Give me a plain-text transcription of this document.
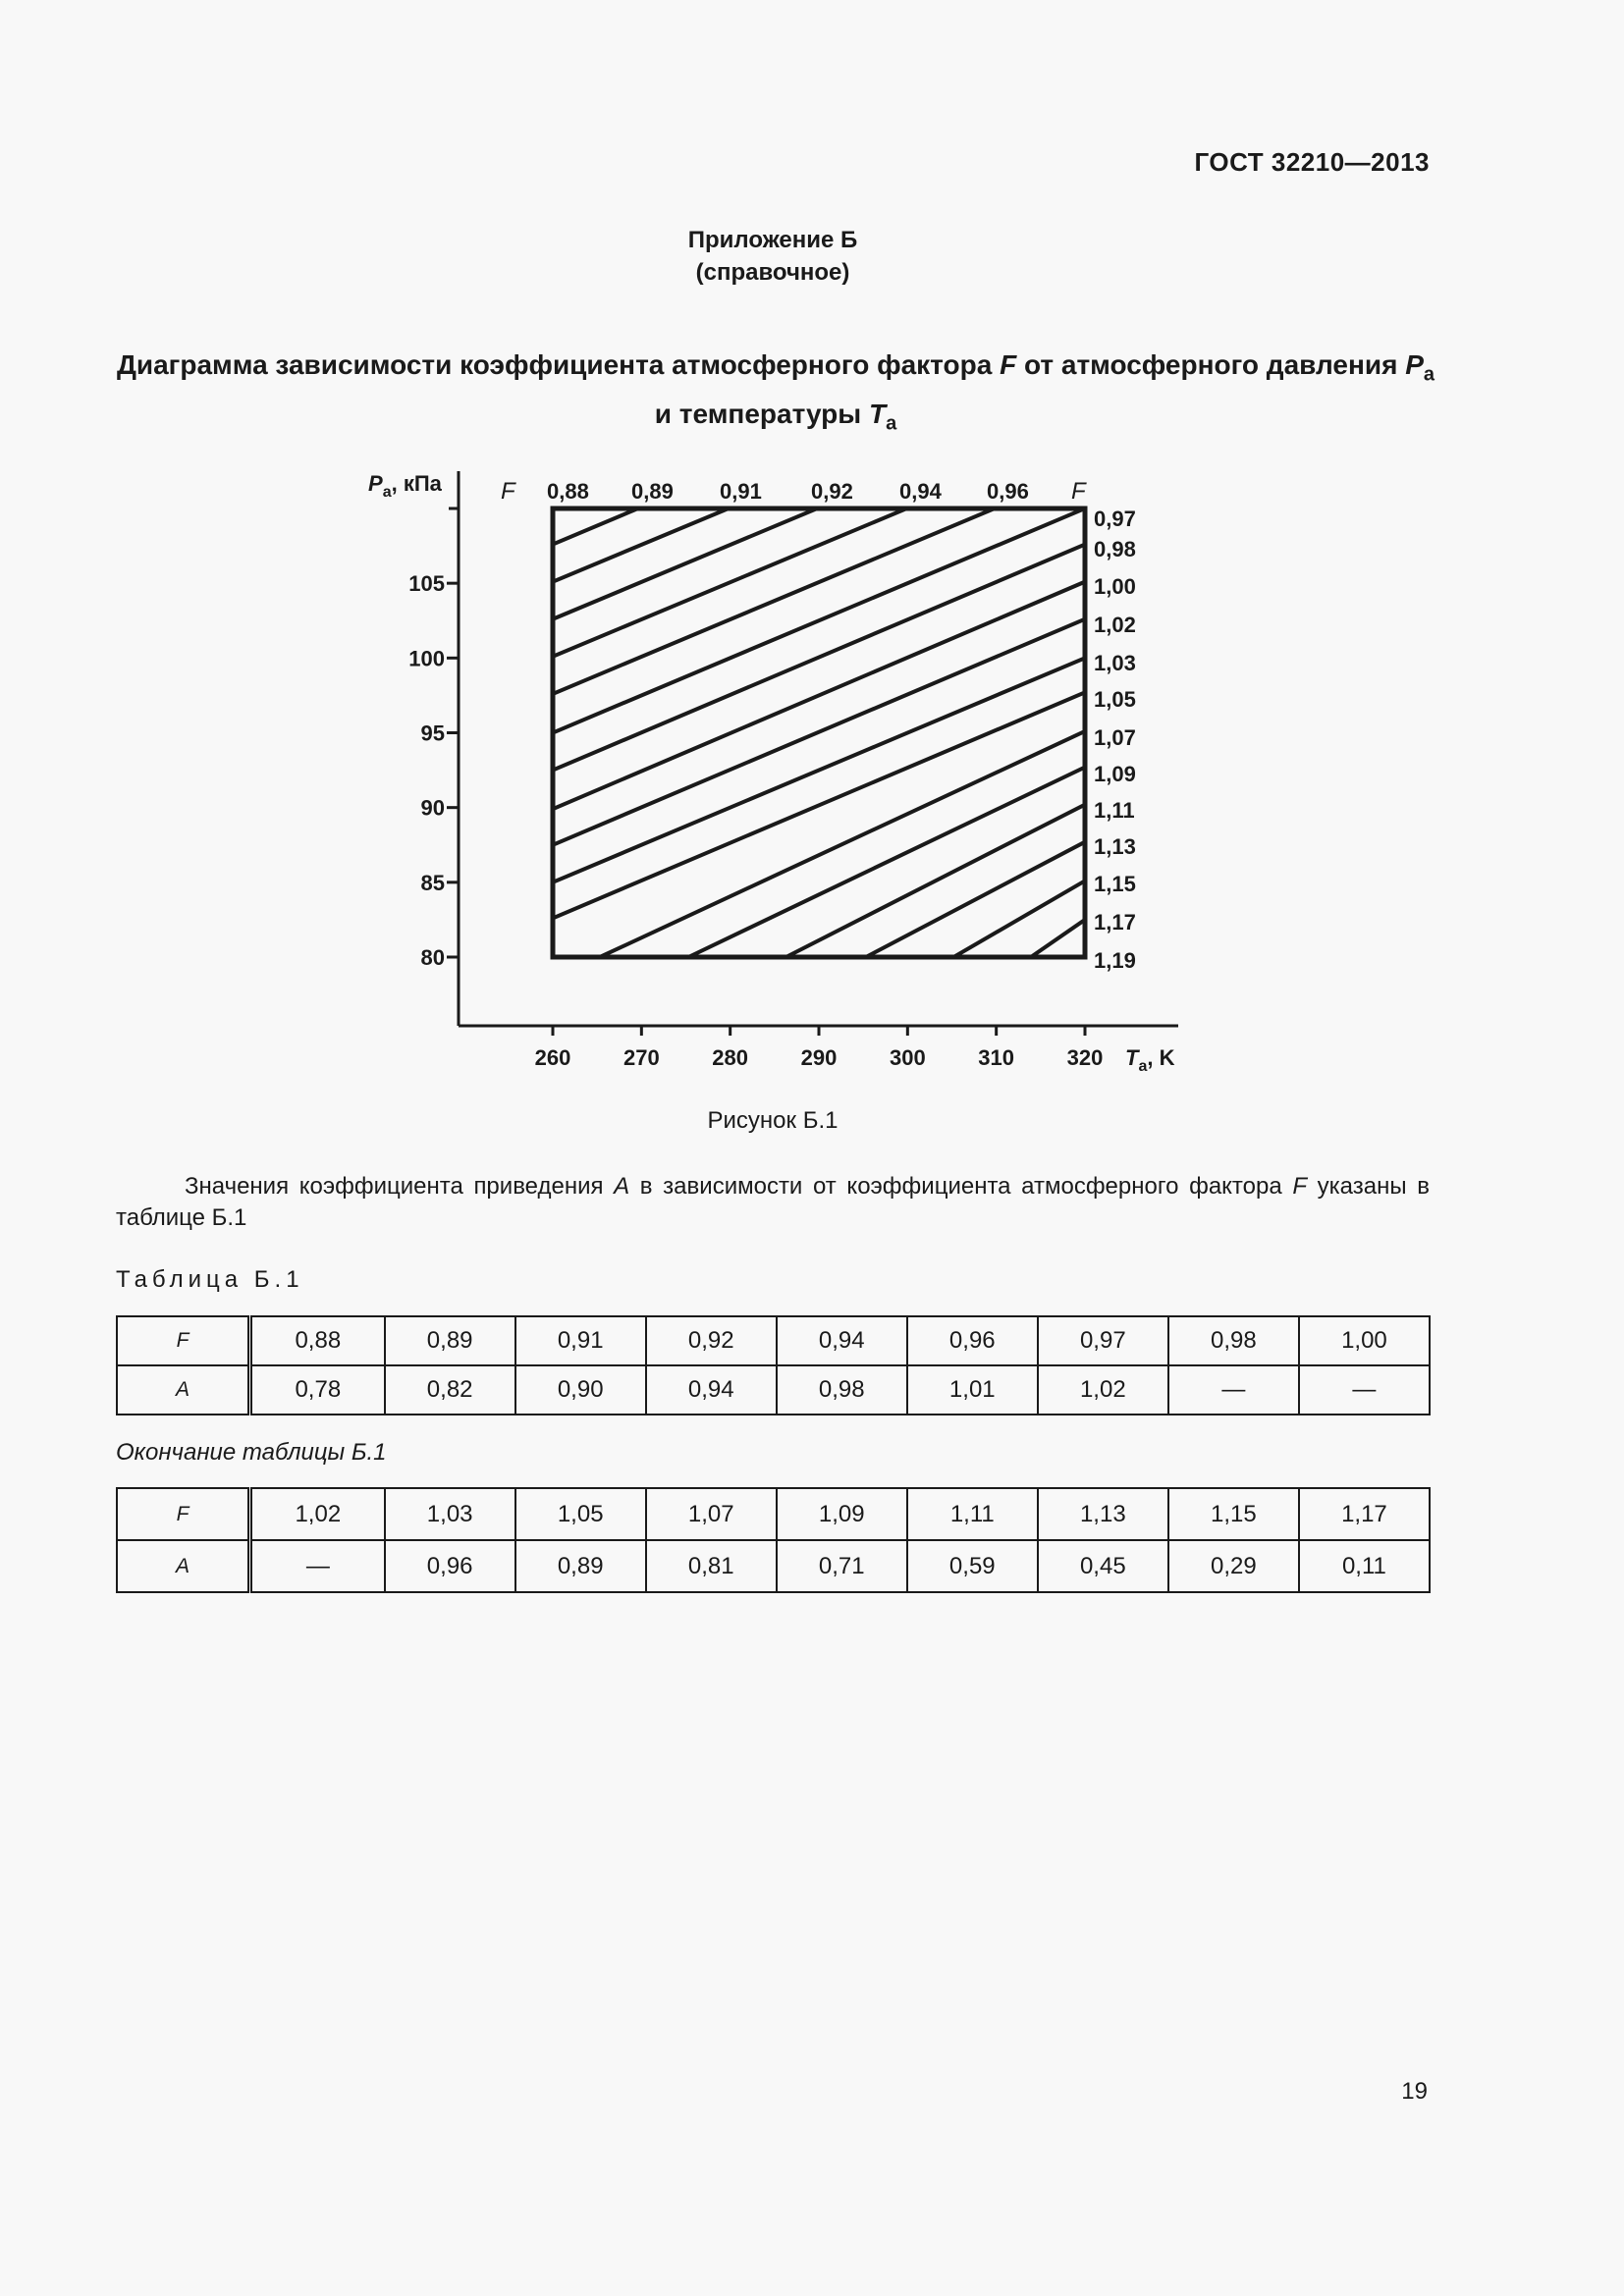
ГОСТ 32210—2013
Приложение Б
(справочное)
Диаграмма зависимости коэффициента атмосферного фактора F от атмосферного давления $P_a$
и температуры $T_a$
80
85
90
95
100
105
$P_a$, кПа
260 270 280 290 300 310 320 $T_a$, K
F 0,88 0,89 0,91 0,92 0,94 0,96 F
0,97
0,98
1,00
1,02
1,03
1,05
1,07
1,09
1,11
1,13
1,15
1,17
1,19
Рисунок Б.1
Значения коэффициента приведения A в зависимости от коэффициента атмосферного фактора F указаны в таблице Б.1
Таблица Б.1
F	0,88	0,89	0,91	0,92	0,94	0,96	0,97	0,98	1,00
A	0,78	0,82	0,90	0,94	0,98	1,01	1,02	—	—
Окончание таблицы Б.1
F	1,02	1,03	1,05	1,07	1,09	1,11	1,13	1,15	1,17
A	—	0,96	0,89	0,81	0,71	0,59	0,45	0,29	0,11
19
